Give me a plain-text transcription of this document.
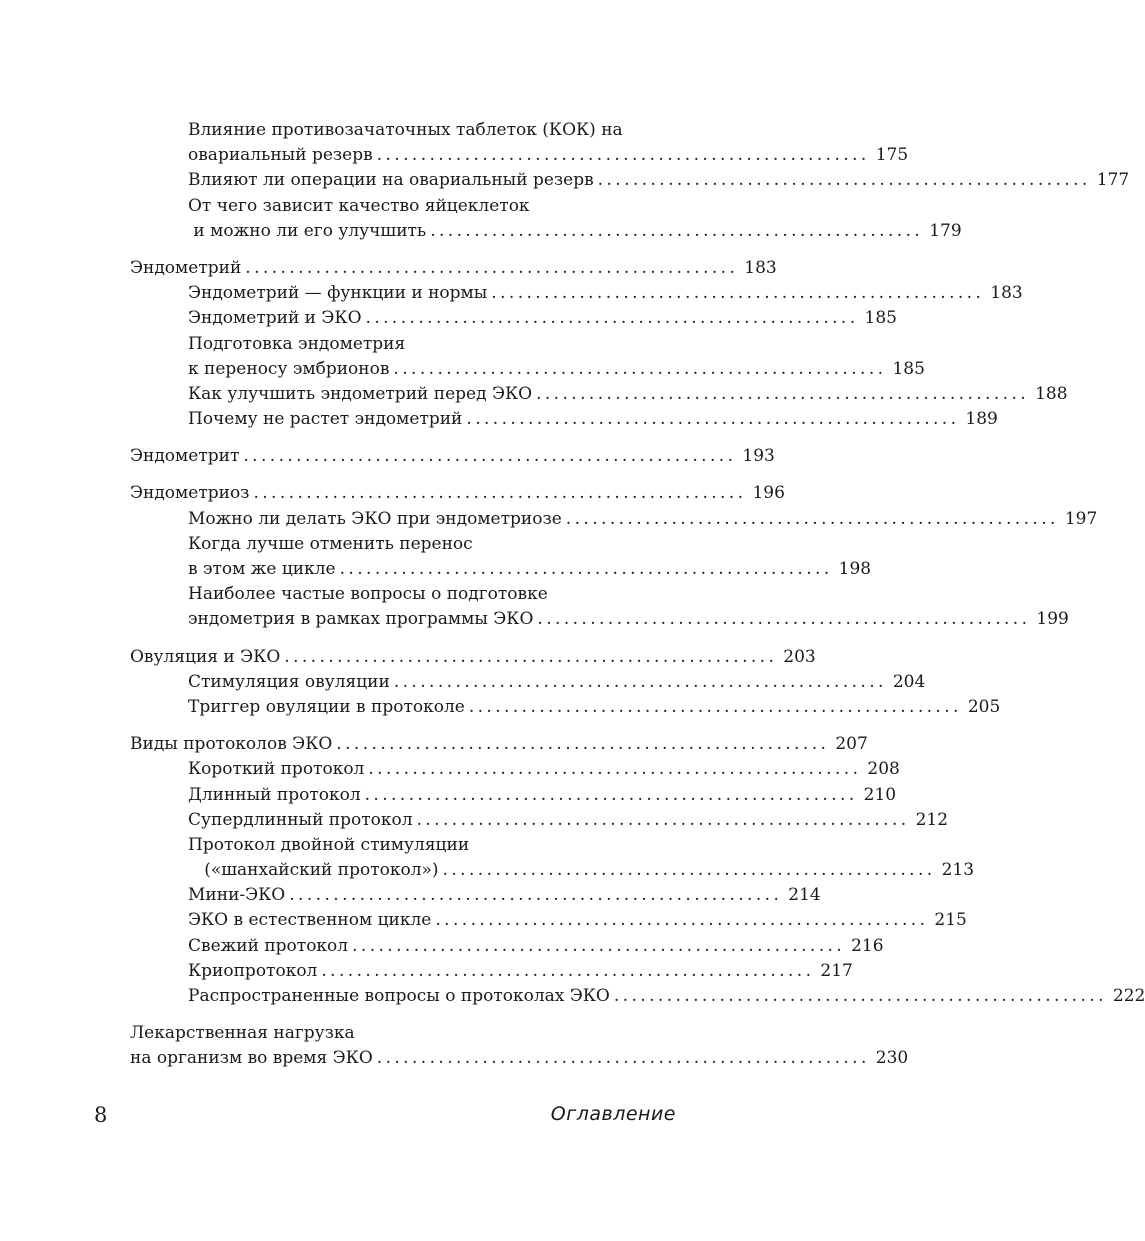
Влияние противозачаточных таблеток (КОК) на
овариальный резерв ........................................................ 175
Влияют ли операции на овариальный резерв ........................................................ 177
От чего зависит качество яйцеклеток
и можно ли его улучшить ........................................................ 179
Эндометрий ........................................................ 183
Эндометрий — функции и нормы ........................................................ 183
Эндометрий и ЭКО ........................................................ 185
Подготовка эндометрия
к переносу эмбрионов ........................................................ 185
Как улучшить эндометрий перед ЭКО ........................................................ 188
Почему не растет эндометрий ........................................................ 189
Эндометрит ........................................................ 193
Эндометриоз ........................................................ 196
Можно ли делать ЭКО при эндометриозе ........................................................ 197
Когда лучше отменить перенос
в этом же цикле ........................................................ 198
Наиболее частые вопросы о подготовке
эндометрия в рамках программы ЭКО ........................................................ 199
Овуляция и ЭКО ........................................................ 203
Стимуляция овуляции ........................................................ 204
Триггер овуляции в протоколе ........................................................ 205
Виды протоколов ЭКО ........................................................ 207
Короткий протокол ........................................................ 208
Длинный протокол ........................................................ 210
Супердлинный протокол ........................................................ 212
Протокол двойной стимуляции
(«шанхайский протокол») ........................................................ 213
Мини-ЭКО ........................................................ 214
ЭКО в естественном цикле ........................................................ 215
Свежий протокол ........................................................ 216
Криопротокол ........................................................ 217
Распространенные вопросы о протоколах ЭКО ........................................................ 222
Лекарственная нагрузка
на организм во время ЭКО ........................................................ 230
8	Оглавление
